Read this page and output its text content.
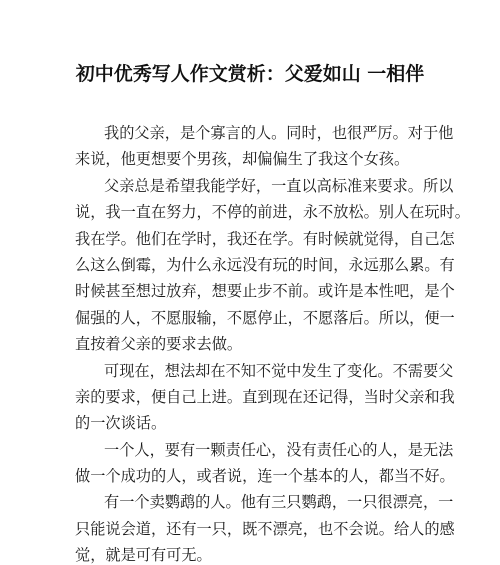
初中优秀写人作文赏析：父爱如山 一相伴
我的父亲，是个寡言的人。同时，也很严厉。对于他
来说，他更想要个男孩，却偏偏生了我这个女孩。
父亲总是希望我能学好，一直以高标准来要求。所以
说，我一直在努力，不停的前进，永不放松。别人在玩时。
我在学。他们在学时，我还在学。有时候就觉得，自己怎
么这么倒霉，为什么永远没有玩的时间，永远那么累。有
时候甚至想过放弃，想要止步不前。或许是本性吧，是个
倔强的人，不愿服输，不愿停止，不愿落后。所以，便一
直按着父亲的要求去做。
可现在，想法却在不知不觉中发生了变化。不需要父
亲的要求，便自己上进。直到现在还记得，当时父亲和我
的一次谈话。
一个人，要有一颗责任心，没有责任心的人，是无法
做一个成功的人，或者说，连一个基本的人，都当不好。
有一个卖鹦鹉的人。他有三只鹦鹉，一只很漂亮，一
只能说会道，还有一只，既不漂亮，也不会说。给人的感
觉，就是可有可无。
